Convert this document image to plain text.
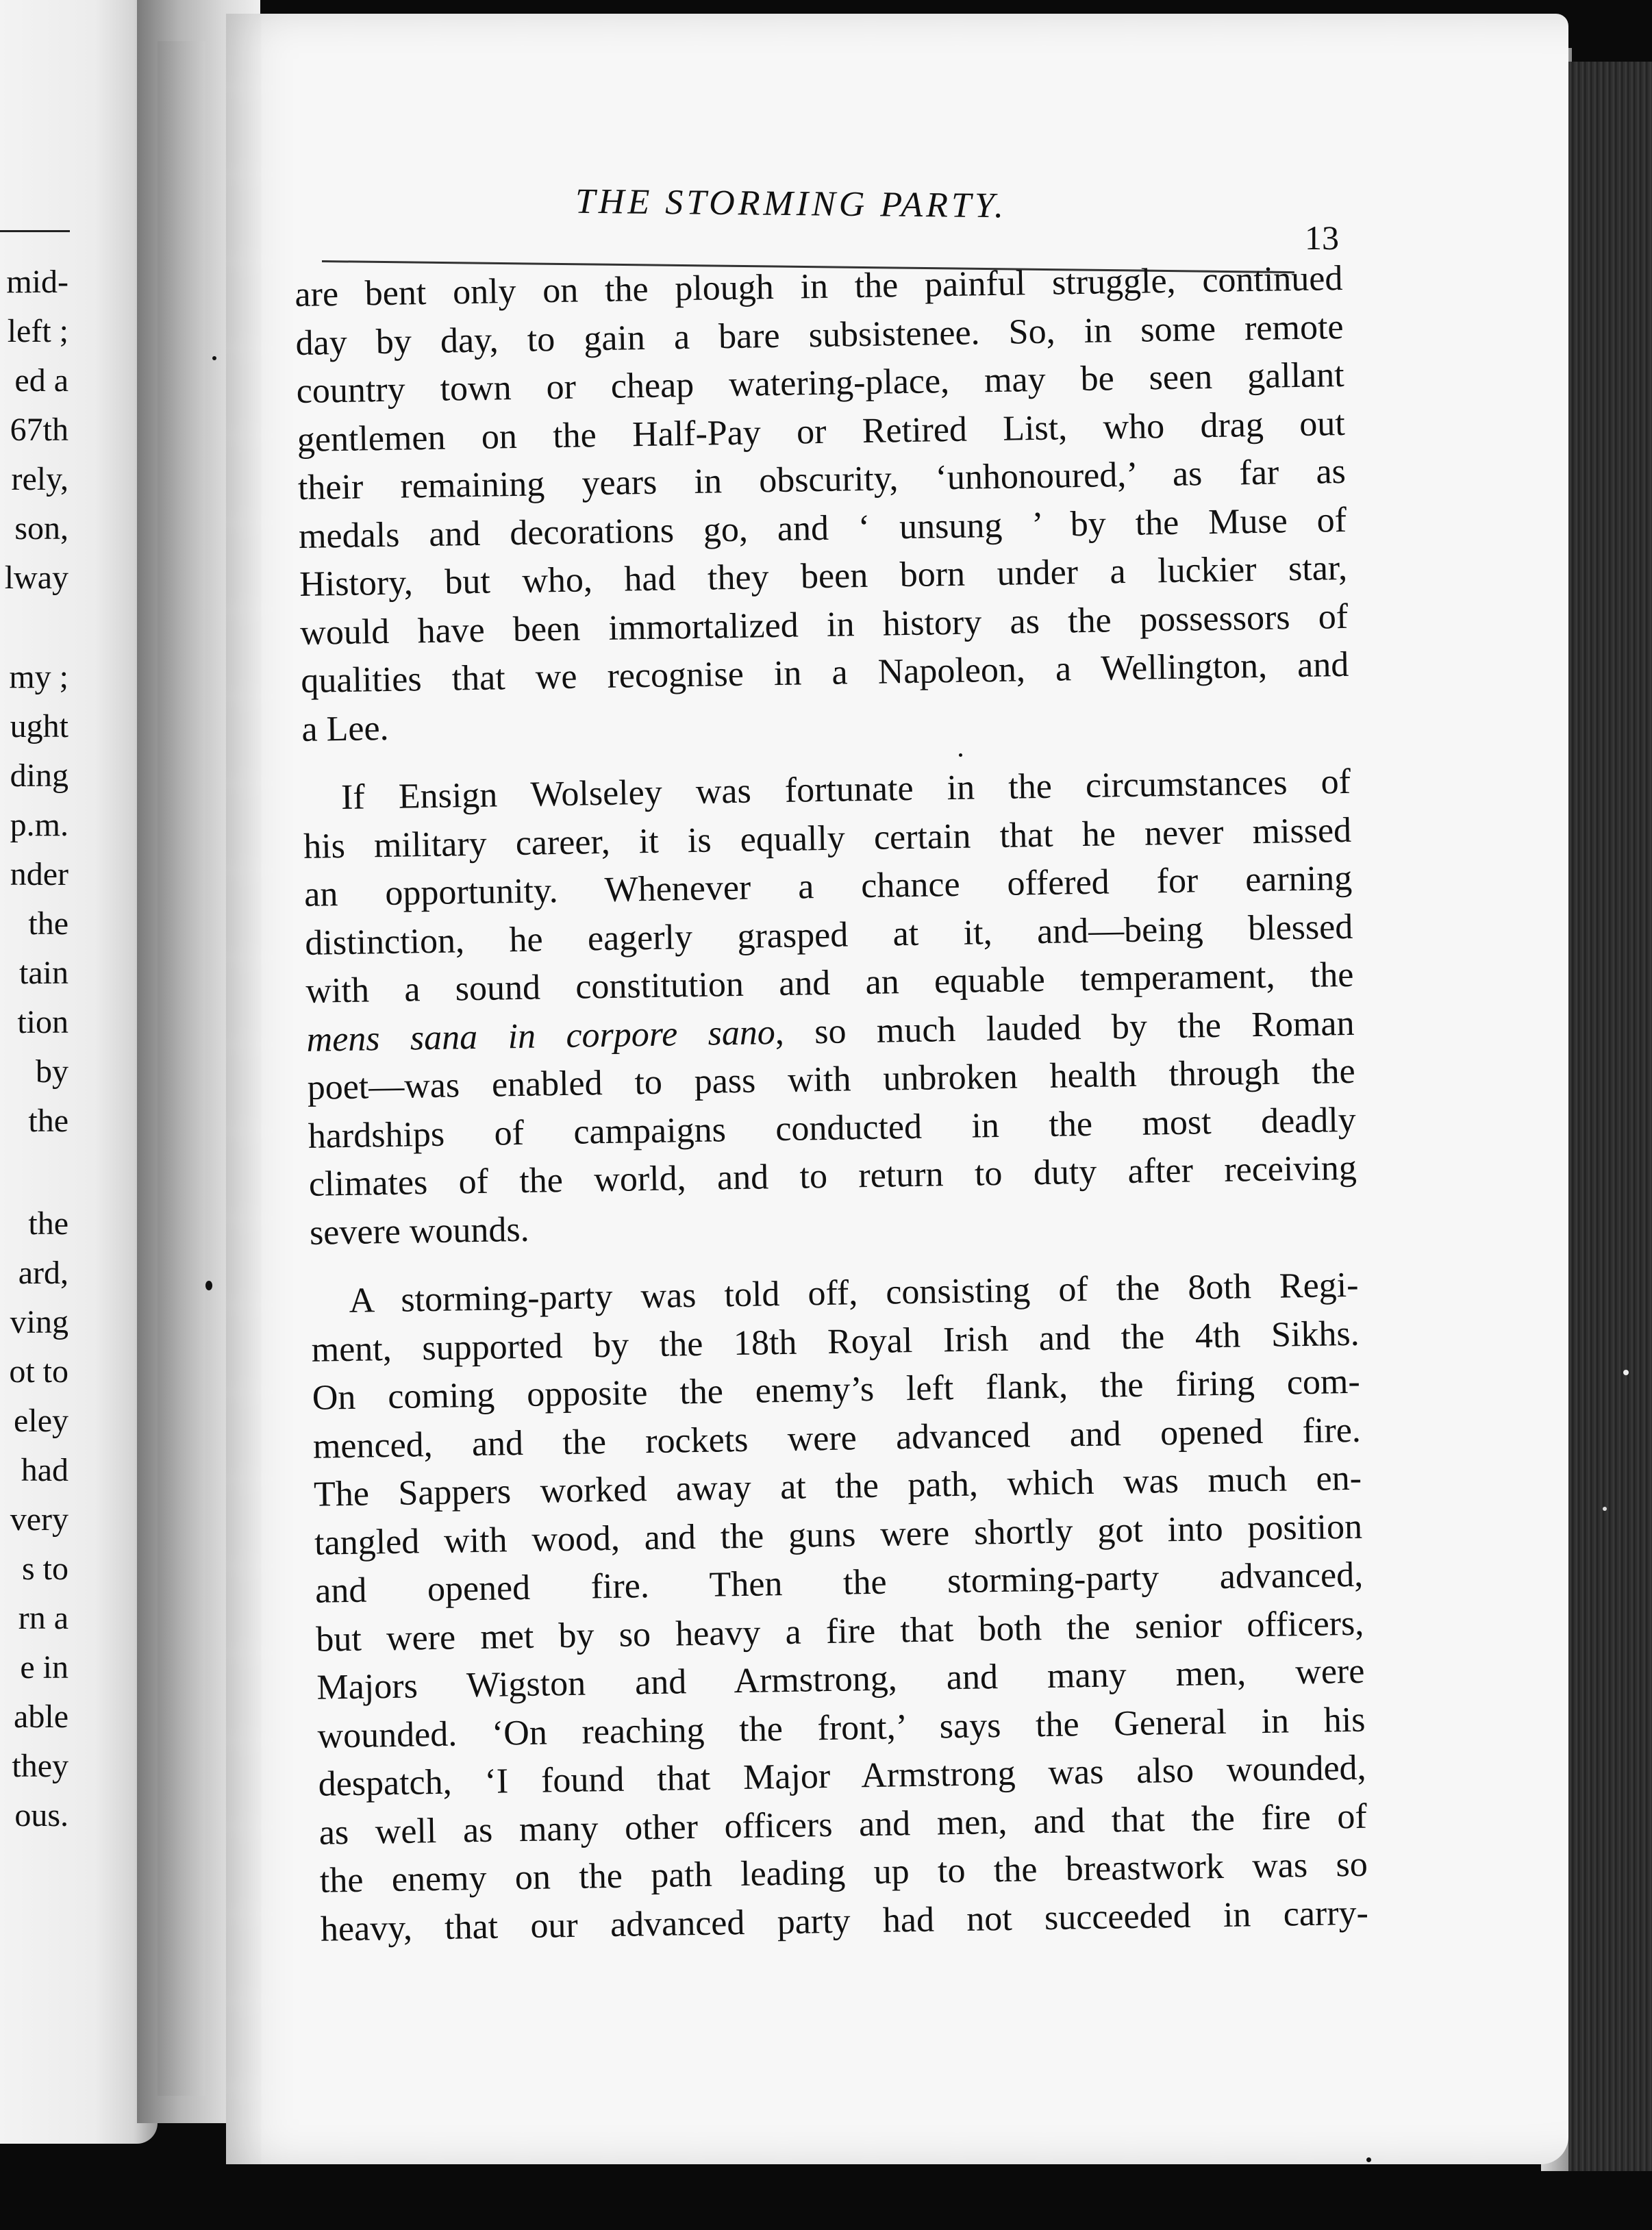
mid-
left ;
ed a
67th
rely,
son,
lway
my ;
ught
ding
p.m.
nder
the
tain
tion
by
the
the
ard,
ving
ot to
eley
had
very
s to
rn a
e in
able
they
ous.
THE STORMING PARTY.
13
are bent only on the plough in the painful struggle, continued
day by day, to gain a bare subsistenee. So, in some remote
country town or cheap watering-place, may be seen gallant
gentlemen on the Half-Pay or Retired List, who drag out
their remaining years in obscurity, ‘unhonoured,’ as far as
medals and decorations go, and ‘ unsung ’ by the Muse of
History, but who, had they been born under a luckier star,
would have been immortalized in history as the possessors of
qualities that we recognise in a Napoleon, a Wellington, and
a Lee.
If Ensign Wolseley was fortunate in the circumstances of
his military career, it is equally certain that he never missed
an opportunity. Whenever a chance offered for earning
distinction, he eagerly grasped at it, and—being blessed
with a sound constitution and an equable temperament, the
mens sana in corpore sano, so much lauded by the Roman
poet—was enabled to pass with unbroken health through the
hardships of campaigns conducted in the most deadly
climates of the world, and to return to duty after receiving
severe wounds.
A storming-party was told off, consisting of the 8oth Regi-
ment, supported by the 18th Royal Irish and the 4th Sikhs.
On coming opposite the enemy’s left flank, the firing com-
menced, and the rockets were advanced and opened fire.
The Sappers worked away at the path, which was much en-
tangled with wood, and the guns were shortly got into position
and opened fire. Then the storming-party advanced,
but were met by so heavy a fire that both the senior officers,
Majors Wigston and Armstrong, and many men, were
wounded. ‘On reaching the front,’ says the General in his
despatch, ‘I found that Major Armstrong was also wounded,
as well as many other officers and men, and that the fire of
the enemy on the path leading up to the breastwork was so
heavy, that our advanced party had not succeeded in carry-
